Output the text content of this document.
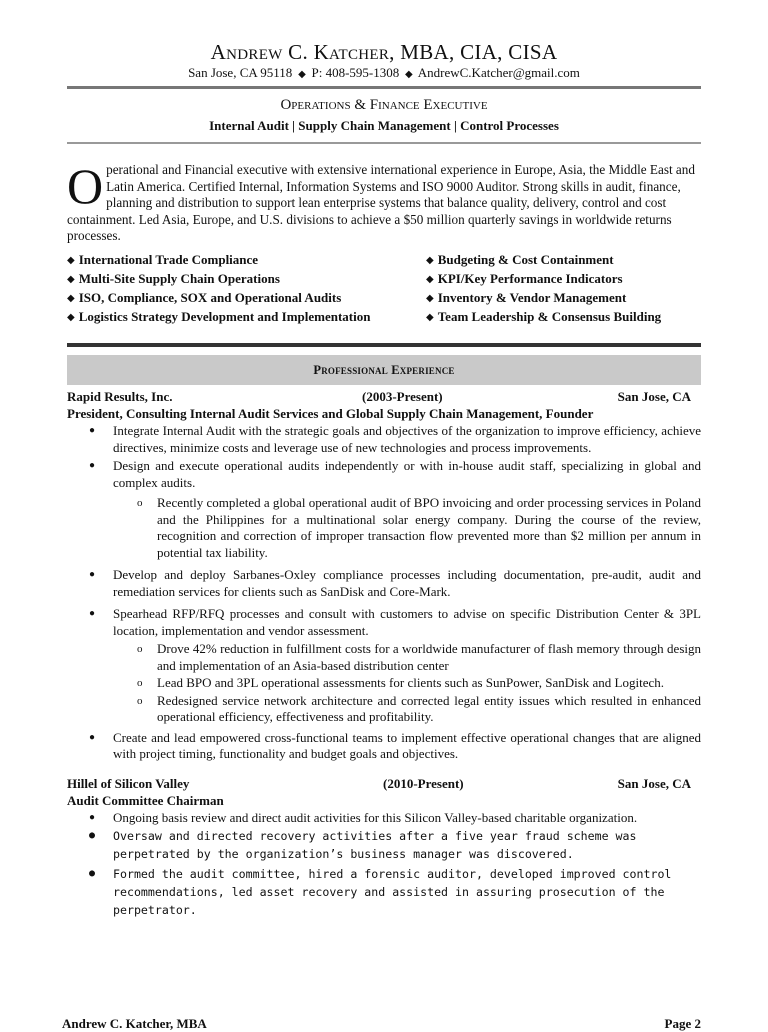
Andrew C. Katcher, MBA, CIA, CISA
San Jose, CA 95118  ◆  P: 408-595-1308  ◆  AndrewC.Katcher@gmail.com
Operations & Finance Executive
Internal Audit | Supply Chain Management | Control Processes
Operational and Financial executive with extensive international experience in Europe, Asia, the Middle East and Latin America. Certified Internal, Information Systems and ISO 9000 Auditor. Strong skills in audit, finance, planning and distribution to support lean enterprise systems that balance quality, delivery, control and cost containment. Led Asia, Europe, and U.S. divisions to achieve a $50 million quarterly savings in worldwide returns processes.
◆ International Trade Compliance
◆ Multi-Site Supply Chain Operations
◆ ISO, Compliance, SOX and Operational Audits
◆ Logistics Strategy Development and Implementation
◆ Budgeting & Cost Containment
◆ KPI/Key Performance Indicators
◆ Inventory & Vendor Management
◆ Team Leadership & Consensus Building
Professional Experience
Rapid Results, Inc.	(2003-Present)	San Jose, CA
President, Consulting Internal Audit Services and Global Supply Chain Management, Founder
● Integrate Internal Audit with the strategic goals and objectives of the organization to improve efficiency, achieve directives, minimize costs and leverage use of new technologies and process improvements.
● Design and execute operational audits independently or with in-house audit staff, specializing in global and complex audits.
o Recently completed a global operational audit of BPO invoicing and order processing services in Poland and the Philippines for a multinational solar energy company. During the course of the review, recognition and correction of improper transaction flow prevented more than $2 million per annum in potential tax liability.
● Develop and deploy Sarbanes-Oxley compliance processes including documentation, pre-audit, audit and remediation services for clients such as SanDisk and Core-Mark.
● Spearhead RFP/RFQ processes and consult with customers to advise on specific Distribution Center & 3PL location, implementation and vendor assessment.
o Drove 42% reduction in fulfillment costs for a worldwide manufacturer of flash memory through design and implementation of an Asia-based distribution center
o Lead BPO and 3PL operational assessments for clients such as SunPower, SanDisk and Logitech.
o Redesigned service network architecture and corrected legal entity issues which resulted in enhanced operational efficiency, effectiveness and profitability.
● Create and lead empowered cross-functional teams to implement effective operational changes that are aligned with project timing, functionality and budget goals and objectives.
Hillel of Silicon Valley	(2010-Present)	San Jose, CA
Audit Committee Chairman
● Ongoing basis review and direct audit activities for this Silicon Valley-based charitable organization.
● Oversaw and directed recovery activities after a five year fraud scheme was perpetrated by the organization’s business manager was discovered.
● Formed the audit committee, hired a forensic auditor, developed improved control recommendations, led asset recovery and assisted in assuring prosecution of the perpetrator.
Andrew C. Katcher, MBA	Page 2
